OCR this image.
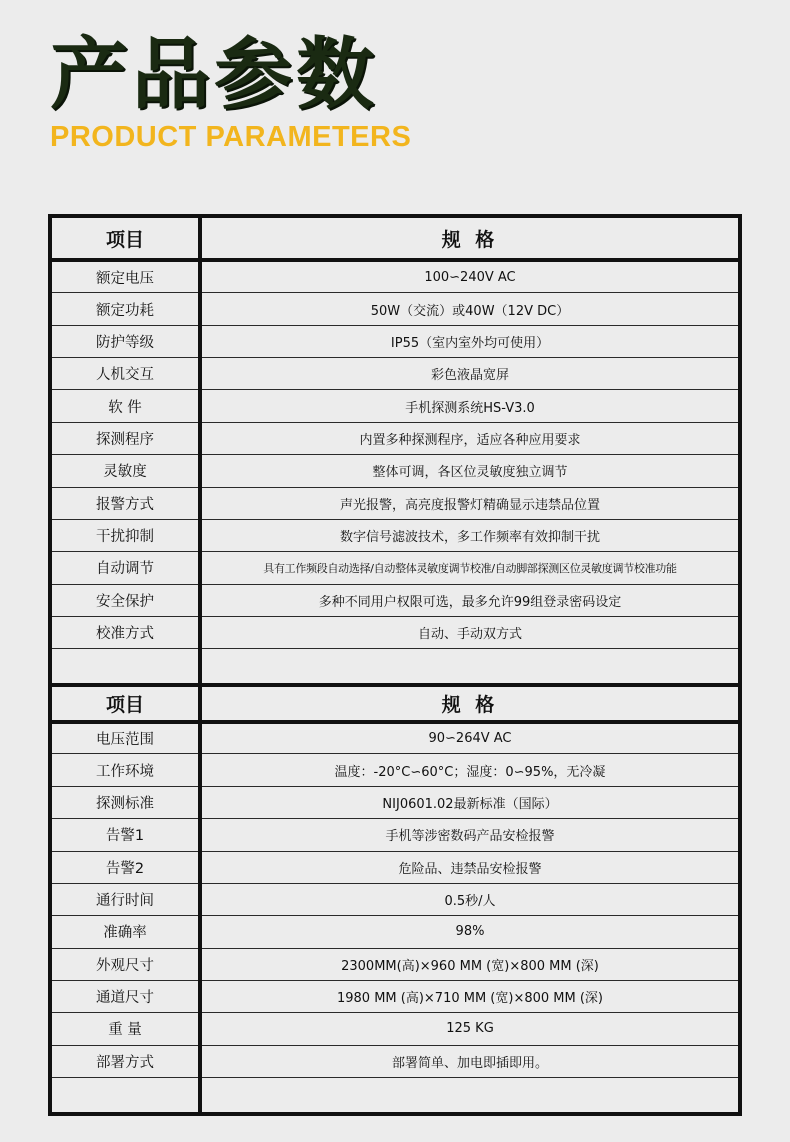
产品参数
PRODUCT PARAMETERS
项目	规 格
额定电压	100∽240V AC
额定功耗	50W（交流）或40W（12V DC）
防护等级	IP55（室内室外均可使用）
人机交互	彩色液晶宽屏
软 件	手机探测系统HS-V3.0
探测程序	内置多种探测程序，适应各种应用要求
灵敏度	整体可调，各区位灵敏度独立调节
报警方式	声光报警，高亮度报警灯精确显示违禁品位置
干扰抑制	数字信号滤波技术，多工作频率有效抑制干扰
自动调节	具有工作频段自动选择/自动整体灵敏度调节校准/自动脚部探测区位灵敏度调节校准功能
安全保护	多种不同用户权限可选，最多允许99组登录密码设定
校准方式	自动、手动双方式

项目	规 格
电压范围	90∽264V AC
工作环境	温度：-20°C∽60°C；湿度：0∽95%，无冷凝
探测标准	NIJ0601.02最新标准（国际）
告警1	手机等涉密数码产品安检报警
告警2	危险品、违禁品安检报警
通行时间	0.5秒/人
准确率	98%
外观尺寸	2300MM(高)×960 MM (宽)×800 MM (深)
通道尺寸	1980 MM (高)×710 MM (宽)×800 MM (深)
重 量	125 KG
部署方式	部署简单、加电即插即用。
